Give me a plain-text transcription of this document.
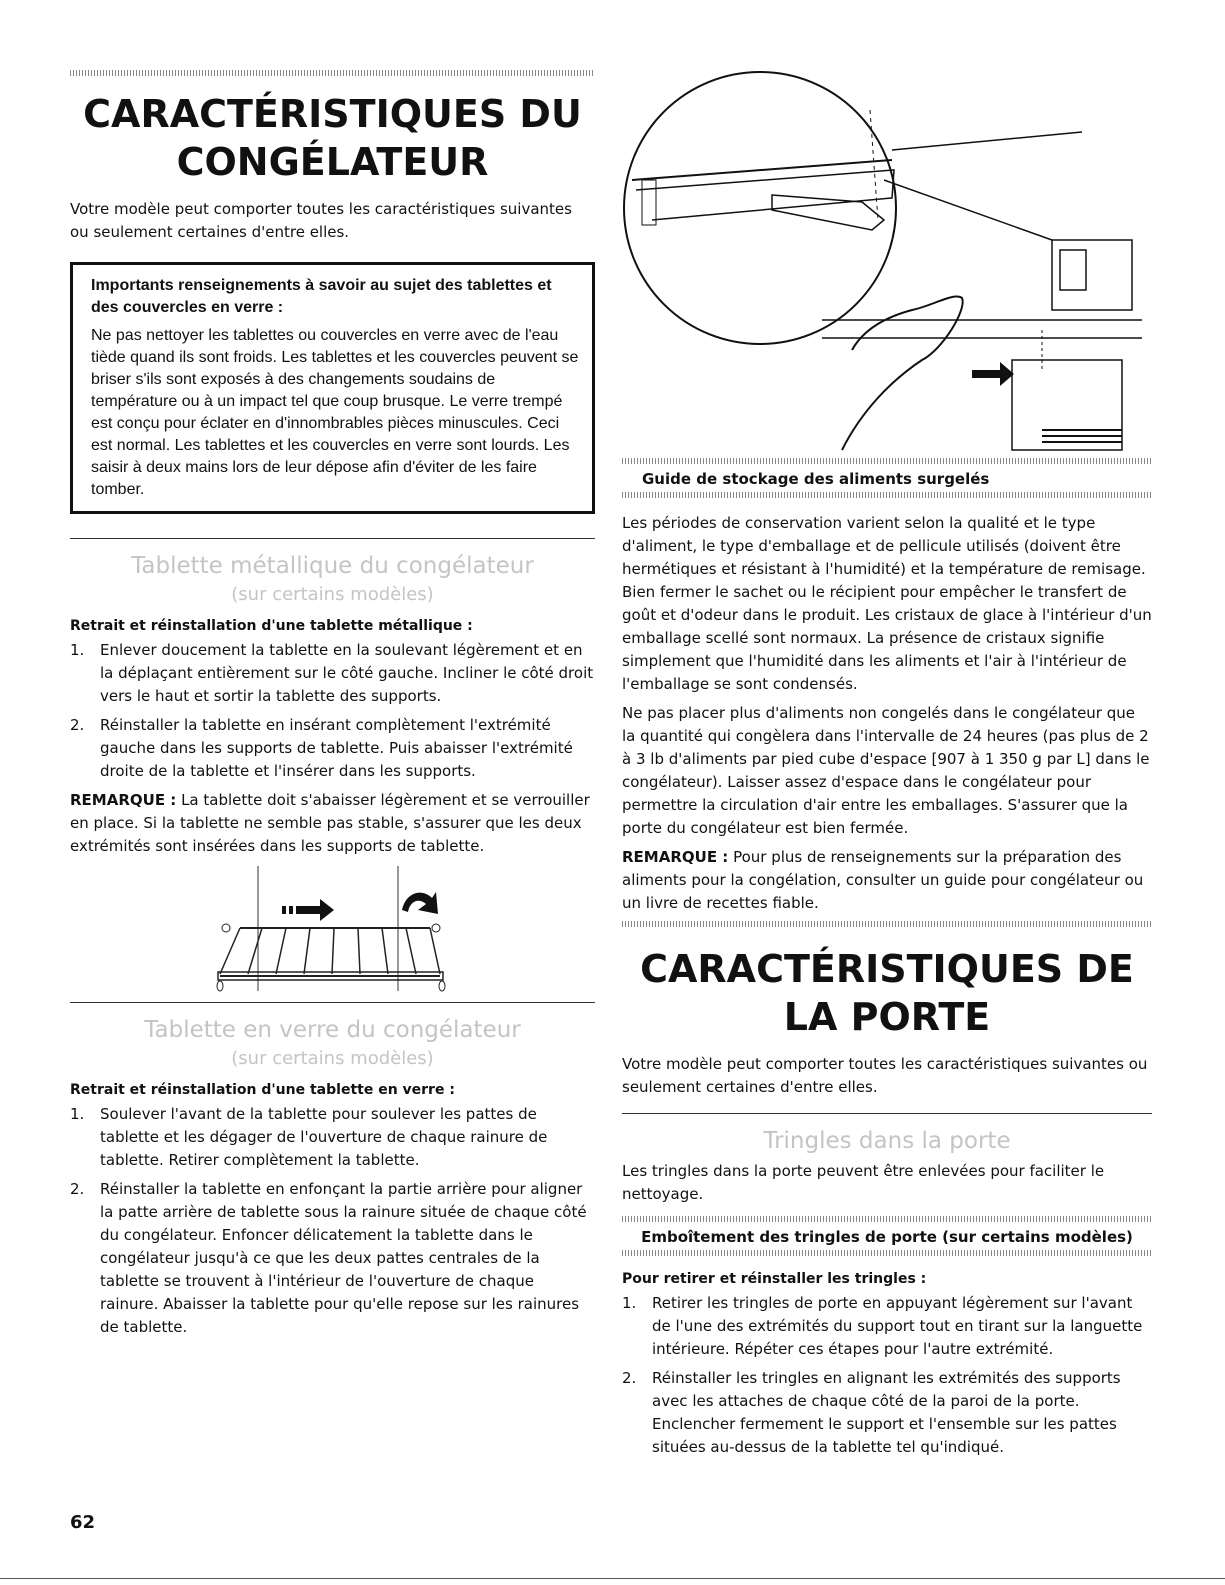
CARACTÉRISTIQUES DU
CONGÉLATEUR

Votre modèle peut comporter toutes les caractéristiques suivantes ou seulement certaines d'entre elles.

Importants renseignements à savoir au sujet des tablettes et des couvercles en verre :

Ne pas nettoyer les tablettes ou couvercles en verre avec de l'eau tiède quand ils sont froids. Les tablettes et les couvercles peuvent se briser s'ils sont exposés à des changements soudains de température ou à un impact tel que coup brusque. Le verre trempé est conçu pour éclater en d'innombrables pièces minuscules. Ceci est normal. Les tablettes et les couvercles en verre sont lourds. Les saisir à deux mains lors de leur dépose afin d'éviter de les faire tomber.

Tablette métallique du congélateur
(sur certains modèles)
Retrait et réinstallation d'une tablette métallique :
1.	Enlever doucement la tablette en la soulevant légèrement et en la déplaçant entièrement sur le côté gauche. Incliner le côté droit vers le haut et sortir la tablette des supports.
2.	Réinstaller la tablette en insérant complètement l'extrémité gauche dans les supports de tablette. Puis abaisser l'extrémité droite de la tablette et l'insérer dans les supports.

REMARQUE : La tablette doit s'abaisser légèrement et se verrouiller en place. Si la tablette ne semble pas stable, s'assurer que les deux extrémités sont insérées dans les supports de tablette.

Tablette en verre du congélateur
(sur certains modèles)
Retrait et réinstallation d'une tablette en verre :
1.	Soulever l'avant de la tablette pour soulever les pattes de tablette et les dégager de l'ouverture de chaque rainure de tablette. Retirer complètement la tablette.
2.	Réinstaller la tablette en enfonçant la partie arrière pour aligner la patte arrière de tablette sous la rainure située de chaque côté du congélateur. Enfoncer délicatement la tablette dans le congélateur jusqu'à ce que les deux pattes centrales de la tablette se trouvent à l'intérieur de l'ouverture de chaque rainure. Abaisser la tablette pour qu'elle repose sur les rainures de tablette.
Guide de stockage des aliments surgelés

Les périodes de conservation varient selon la qualité et le type d'aliment, le type d'emballage et de pellicule utilisés (doivent être hermétiques et résistant à l'humidité) et la température de remisage. Bien fermer le sachet ou le récipient pour empêcher le transfert de goût et d'odeur dans le produit. Les cristaux de glace à l'intérieur d'un emballage scellé sont normaux. La présence de cristaux signifie simplement que l'humidité dans les aliments et l'air à l'intérieur de l'emballage se sont condensés.

Ne pas placer plus d'aliments non congelés dans le congélateur que la quantité qui congèlera dans l'intervalle de 24 heures (pas plus de 2 à 3 lb d'aliments par pied cube d'espace [907 à 1 350 g par L] dans le congélateur). Laisser assez d'espace dans le congélateur pour permettre la circulation d'air entre les emballages. S'assurer que la porte du congélateur est bien fermée.

REMARQUE : Pour plus de renseignements sur la préparation des aliments pour la congélation, consulter un guide pour congélateur ou un livre de recettes fiable.

CARACTÉRISTIQUES DE
LA PORTE

Votre modèle peut comporter toutes les caractéristiques suivantes ou seulement certaines d'entre elles.

Tringles dans la porte

Les tringles dans la porte peuvent être enlevées pour faciliter le nettoyage.

Emboîtement des tringles de porte (sur certains modèles)
Pour retirer et réinstaller les tringles :
1.	Retirer les tringles de porte en appuyant légèrement sur l'avant de l'une des extrémités du support tout en tirant sur la languette intérieure. Répéter ces étapes pour l'autre extrémité.
2.	Réinstaller les tringles en alignant les extrémités des supports avec les attaches de chaque côté de la paroi de la porte. Enclencher fermement le support et l'ensemble sur les pattes situées au-dessus de la tablette tel qu'indiqué.
62
